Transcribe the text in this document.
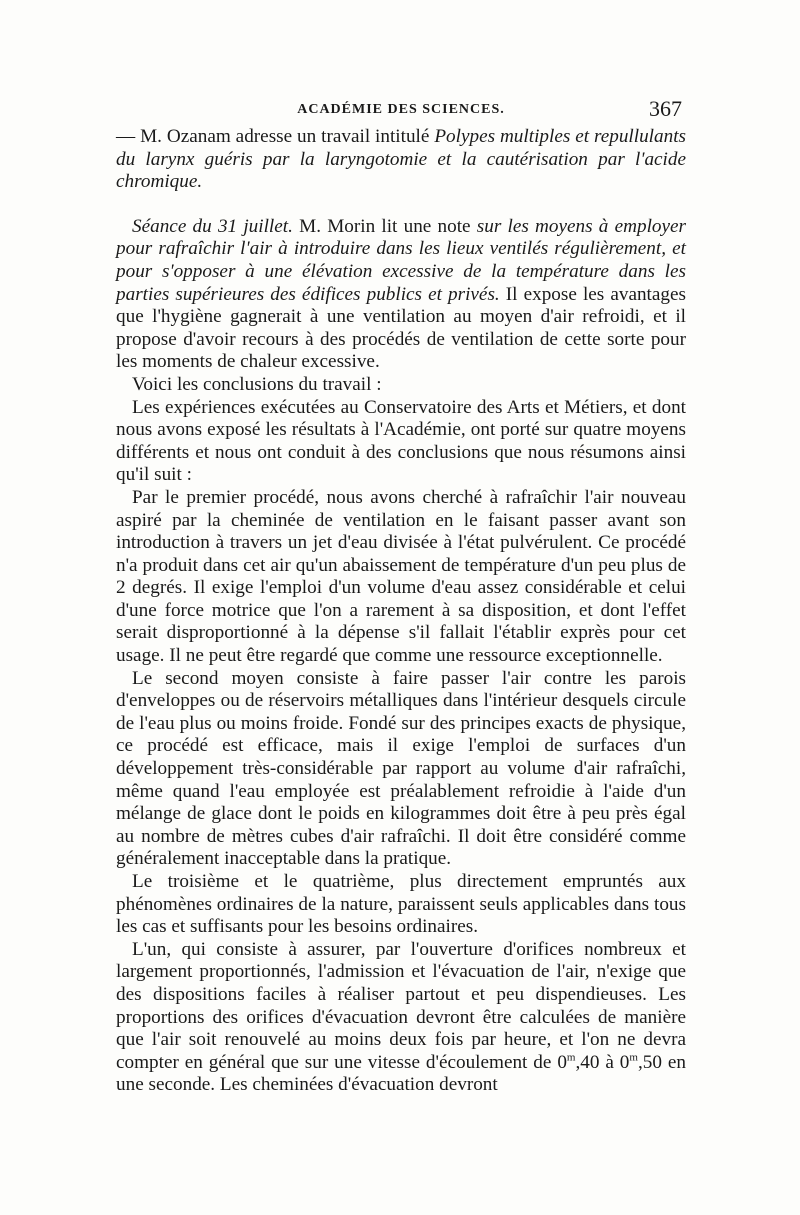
ACADÉMIE DES SCIENCES.	367

— M. Ozanam adresse un travail intitulé Polypes multiples et repullulants du larynx guéris par la laryngotomie et la cautérisation par l'acide chromique.

Séance du 31 juillet. M. Morin lit une note sur les moyens à employer pour rafraîchir l'air à introduire dans les lieux ventilés régulièrement, et pour s'opposer à une élévation excessive de la température dans les parties supérieures des édifices publics et privés. Il expose les avantages que l'hygiène gagnerait à une ventilation au moyen d'air refroidi, et il propose d'avoir recours à des procédés de ventilation de cette sorte pour les moments de chaleur excessive.

Voici les conclusions du travail :

Les expériences exécutées au Conservatoire des Arts et Métiers, et dont nous avons exposé les résultats à l'Académie, ont porté sur quatre moyens différents et nous ont conduit à des conclusions que nous résumons ainsi qu'il suit :

Par le premier procédé, nous avons cherché à rafraîchir l'air nouveau aspiré par la cheminée de ventilation en le faisant passer avant son introduction à travers un jet d'eau divisée à l'état pulvérulent. Ce procédé n'a produit dans cet air qu'un abaissement de température d'un peu plus de 2 degrés. Il exige l'emploi d'un volume d'eau assez considérable et celui d'une force motrice que l'on a rarement à sa disposition, et dont l'effet serait disproportionné à la dépense s'il fallait l'établir exprès pour cet usage. Il ne peut être regardé que comme une ressource exceptionnelle.

Le second moyen consiste à faire passer l'air contre les parois d'enveloppes ou de réservoirs métalliques dans l'intérieur desquels circule de l'eau plus ou moins froide. Fondé sur des principes exacts de physique, ce procédé est efficace, mais il exige l'emploi de surfaces d'un développement très-considérable par rapport au volume d'air rafraîchi, même quand l'eau employée est préalablement refroidie à l'aide d'un mélange de glace dont le poids en kilogrammes doit être à peu près égal au nombre de mètres cubes d'air rafraîchi. Il doit être considéré comme généralement inacceptable dans la pratique.

Le troisième et le quatrième, plus directement empruntés aux phénomènes ordinaires de la nature, paraissent seuls applicables dans tous les cas et suffisants pour les besoins ordinaires.

L'un, qui consiste à assurer, par l'ouverture d'orifices nombreux et largement proportionnés, l'admission et l'évacuation de l'air, n'exige que des dispositions faciles à réaliser partout et peu dispendieuses. Les proportions des orifices d'évacuation devront être calculées de manière que l'air soit renouvelé au moins deux fois par heure, et l'on ne devra compter en général que sur une vitesse d'écoulement de 0$^m$,40 à 0$^m$,50 en une seconde. Les cheminées d'évacuation devront
